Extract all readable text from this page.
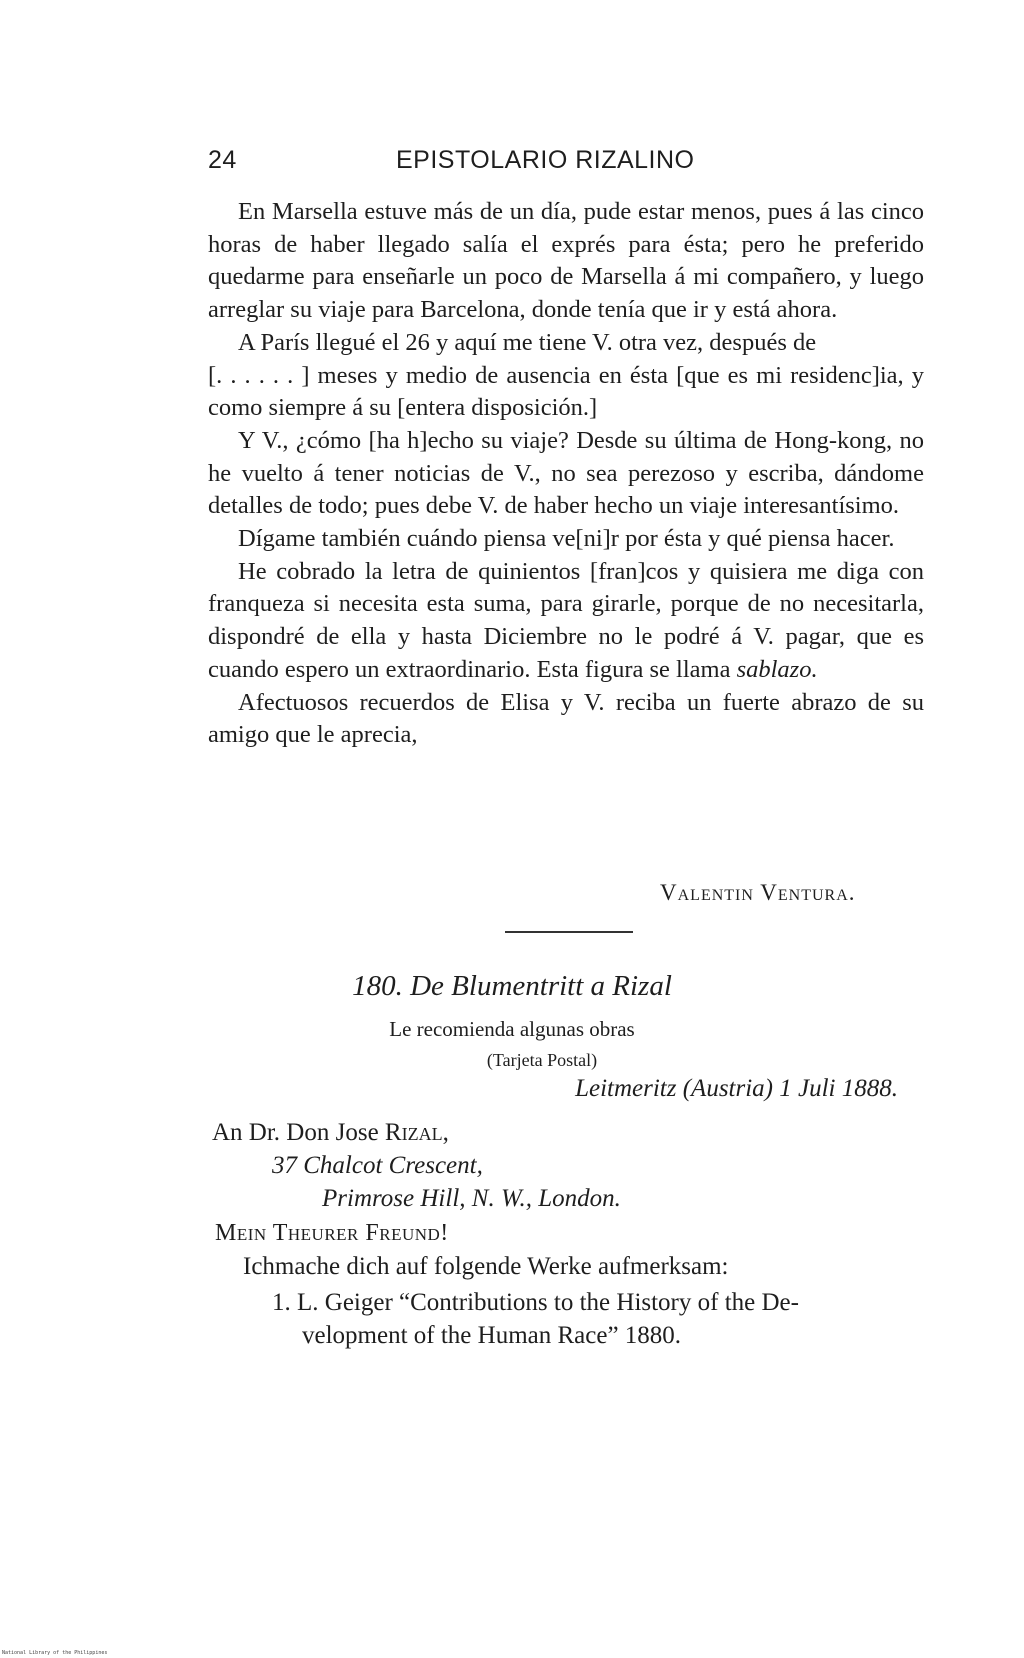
24	EPISTOLARIO RIZALINO

En Marsella estuve más de un día, pude estar menos, pues á las cinco horas de haber llegado salía el exprés para ésta; pero he preferido quedarme para enseñarle un poco de Marsella á mi compañero, y luego arreglar su viaje para Barcelona, donde tenía que ir y está ahora.

A París llegué el 26 y aquí me tiene V. otra vez, después de

[. . . . . . ] meses y medio de ausencia en ésta [que es mi residenc]ia, y como siempre á su [entera disposición.]

Y V., ¿cómo [ha h]echo su viaje? Desde su última de Hong-kong, no he vuelto á tener noticias de V., no sea perezoso y escriba, dándome detalles de todo; pues debe V. de haber hecho un viaje interesantísimo.

Dígame también cuándo piensa ve[ni]r por ésta y qué piensa hacer.

He cobrado la letra de quinientos [fran]cos y quisiera me diga con franqueza si necesita esta suma, para girarle, porque de no necesitarla, dispondré de ella y hasta Diciembre no le podré á V. pagar, que es cuando espero un extraordinario. Esta figura se llama sablazo.

Afectuosos recuerdos de Elisa y V. reciba un fuerte abrazo de su amigo que le aprecia,

Valentin Ventura.
180. De Blumentritt a Rizal
Le recomienda algunas obras
(Tarjeta Postal)
Leitmeritz (Austria) 1 Juli 1888.
An Dr. Don Jose Rizal,
37 Chalcot Crescent,
Primrose Hill, N. W., London.
Mein Theurer Freund!
Ichmache dich auf folgende Werke aufmerksam:
1. L. Geiger “Contributions to the History of the De-
velopment of the Human Race” 1880.
National Library of the Philippines
